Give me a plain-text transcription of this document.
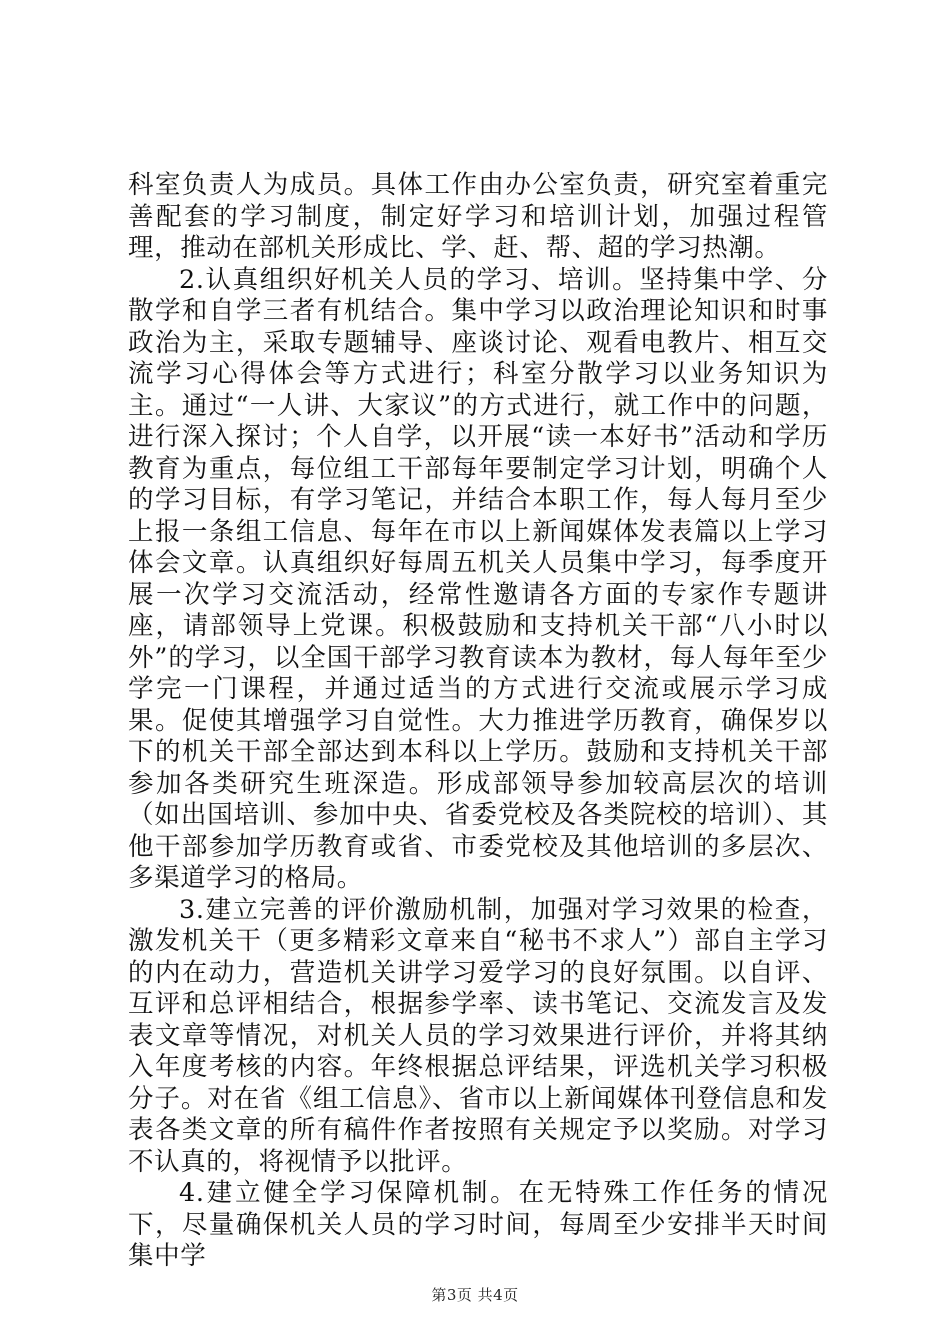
科室负责人为成员。具体工作由办公室负责，研究室着重完善配套的学习制度，制定好学习和培训计划，加强过程管理，推动在部机关形成比、学、赶、帮、超的学习热潮。

2.认真组织好机关人员的学习、培训。坚持集中学、分散学和自学三者有机结合。集中学习以政治理论知识和时事政治为主，采取专题辅导、座谈讨论、观看电教片、相互交流学习心得体会等方式进行；科室分散学习以业务知识为主。通过“一人讲、大家议”的方式进行，就工作中的问题，进行深入探讨；个人自学，以开展“读一本好书”活动和学历教育为重点，每位组工干部每年要制定学习计划，明确个人的学习目标，有学习笔记，并结合本职工作，每人每月至少上报一条组工信息、每年在市以上新闻媒体发表篇以上学习体会文章。认真组织好每周五机关人员集中学习，每季度开展一次学习交流活动，经常性邀请各方面的专家作专题讲座，请部领导上党课。积极鼓励和支持机关干部“八小时以外”的学习，以全国干部学习教育读本为教材，每人每年至少学完一门课程，并通过适当的方式进行交流或展示学习成果。促使其增强学习自觉性。大力推进学历教育，确保岁以下的机关干部全部达到本科以上学历。鼓励和支持机关干部参加各类研究生班深造。形成部领导参加较高层次的培训（如出国培训、参加中央、省委党校及各类院校的培训）、其他干部参加学历教育或省、市委党校及其他培训的多层次、多渠道学习的格局。

3.建立完善的评价激励机制，加强对学习效果的检查，激发机关干（更多精彩文章来自“秘书不求人”）部自主学习的内在动力，营造机关讲学习爱学习的良好氛围。以自评、互评和总评相结合，根据参学率、读书笔记、交流发言及发表文章等情况，对机关人员的学习效果进行评价，并将其纳入年度考核的内容。年终根据总评结果，评选机关学习积极分子。对在省《组工信息》、省市以上新闻媒体刊登信息和发表各类文章的所有稿件作者按照有关规定予以奖励。对学习不认真的，将视情予以批评。

4.建立健全学习保障机制。在无特殊工作任务的情况下，尽量确保机关人员的学习时间，每周至少安排半天时间集中学

第3页 共4页
